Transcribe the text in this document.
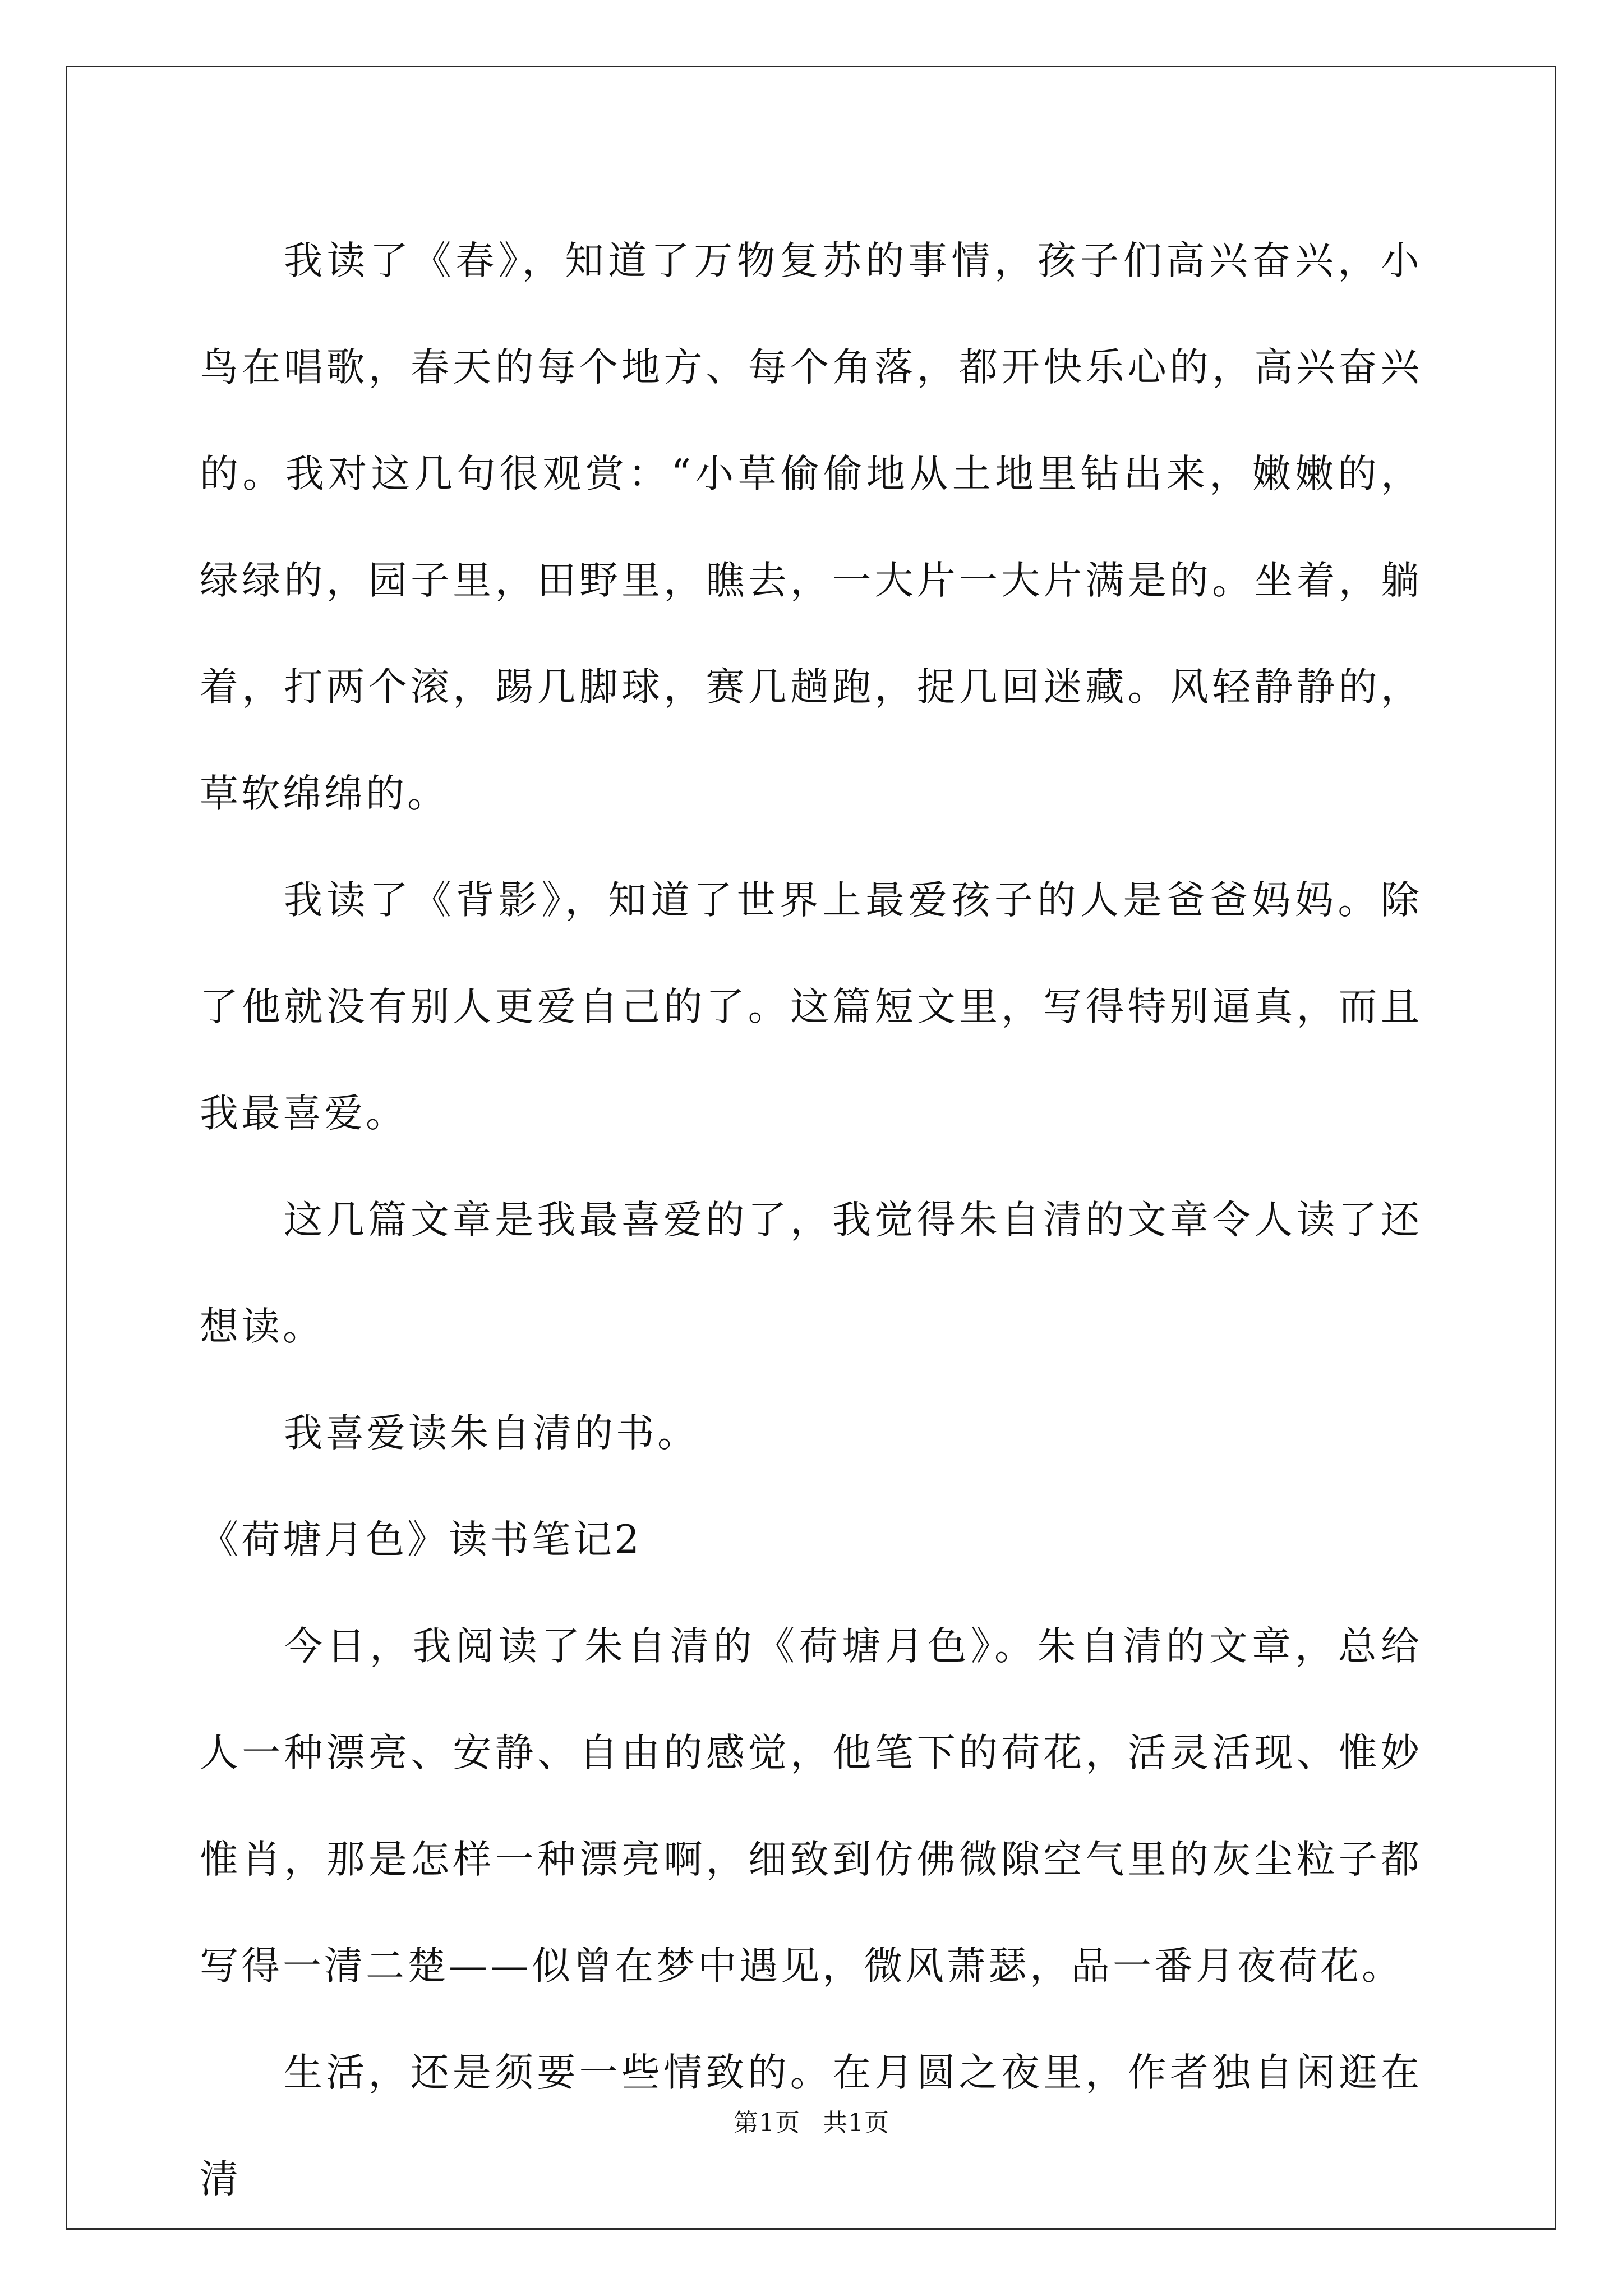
我读了《春》，知道了万物复苏的事情，孩子们高兴奋兴，小鸟在唱歌，春天的每个地方、每个角落，都开快乐心的，高兴奋兴的。我对这几句很观赏：“小草偷偷地从土地里钻出来，嫩嫩的，绿绿的，园子里，田野里，瞧去，一大片一大片满是的。坐着，躺着，打两个滚，踢几脚球，赛几趟跑，捉几回迷藏。风轻静静的，草软绵绵的。

我读了《背影》，知道了世界上最爱孩子的人是爸爸妈妈。除了他就没有别人更爱自己的了。这篇短文里，写得特别逼真，而且我最喜爱。

这几篇文章是我最喜爱的了，我觉得朱自清的文章令人读了还想读。

我喜爱读朱自清的书。

《荷塘月色》读书笔记2

今日，我阅读了朱自清的《荷塘月色》。朱自清的文章，总给人一种漂亮、安静、自由的感觉，他笔下的荷花，活灵活现、惟妙惟肖，那是怎样一种漂亮啊，细致到仿佛微隙空气里的灰尘粒子都写得一清二楚——似曾在梦中遇见，微风萧瑟，品一番月夜荷花。

生活，还是须要一些情致的。在月圆之夜里，作者独自闲逛在清

第1页 共1页
